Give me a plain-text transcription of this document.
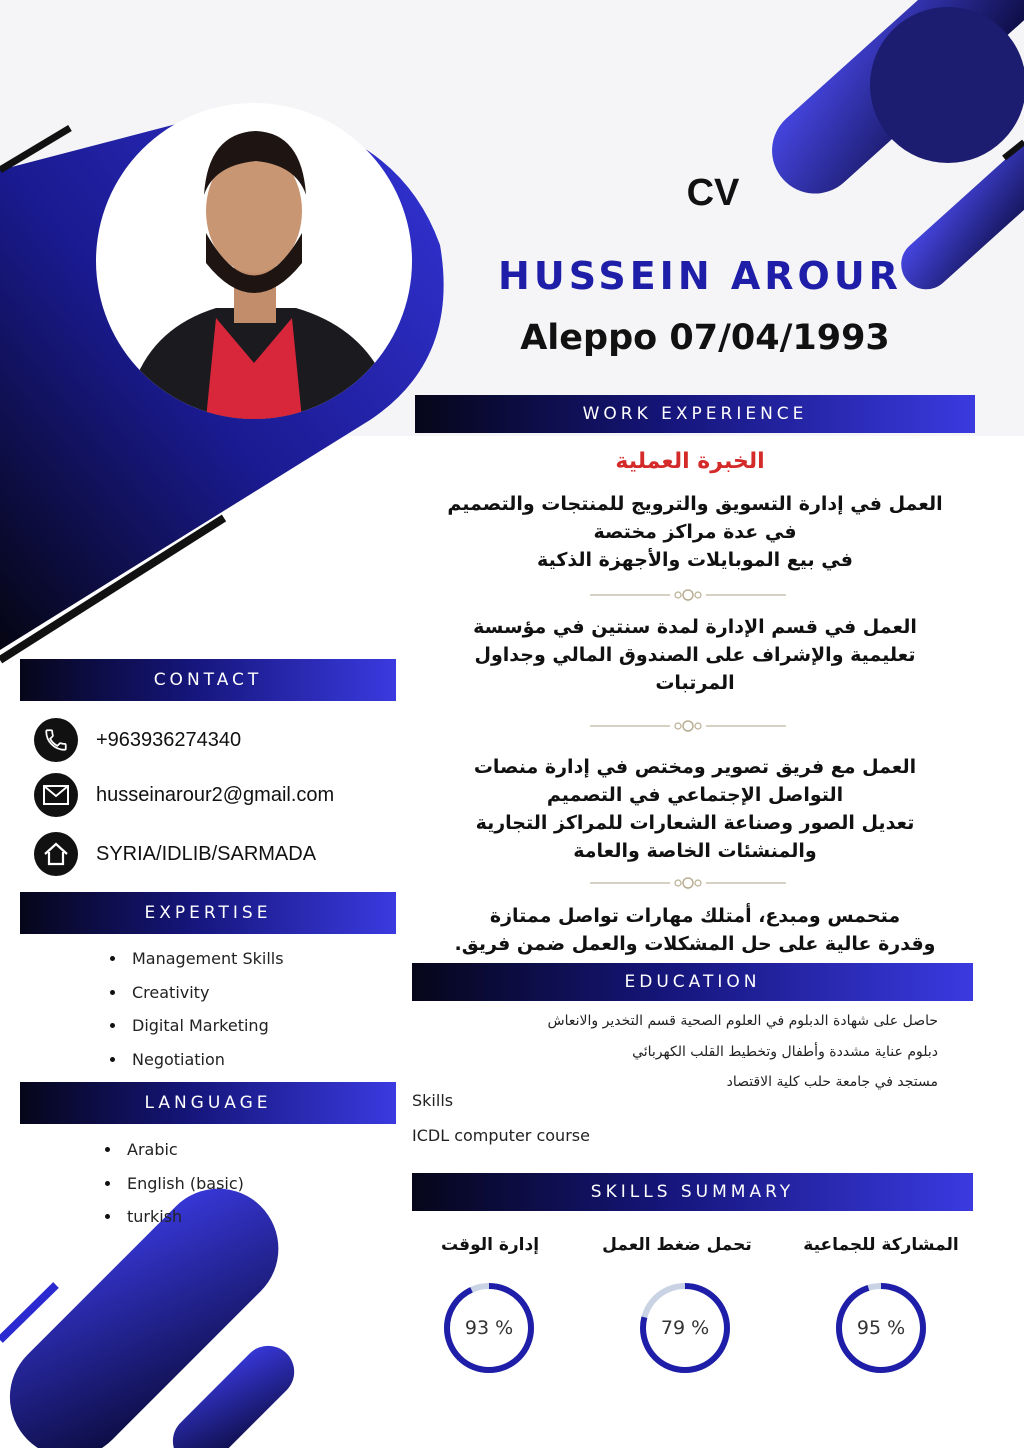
CV
HUSSEIN AROUR
Aleppo 07/04/1993
WORK EXPERIENCE
الخبرة العملية
العمل في إدارة التسويق والترويج للمنتجات والتصميم
في عدة مراكز مختصة
في بيع الموبايلات والأجهزة الذكية
العمل في قسم الإدارة لمدة سنتين في مؤسسة
تعليمية والإشراف على الصندوق المالي وجداول
المرتبات
العمل مع فريق تصوير ومختص في إدارة منصات
التواصل الإجتماعي في التصميم
تعديل الصور وصناعة الشعارات للمراكز التجارية
والمنشئات الخاصة والعامة
متحمس ومبدع، أمتلك مهارات تواصل ممتازة
وقدرة عالية على حل المشكلات والعمل ضمن فريق.
CONTACT
+963936274340
husseinarour2@gmail.com
SYRIA/IDLIB/SARMADA
EXPERTISE
Management Skills
Creativity
Digital Marketing
Negotiation
LANGUAGE
Arabic
English (basic)
turkish
EDUCATION
حاصل على شهادة الدبلوم في العلوم الصحية قسم التخدير والانعاش
دبلوم عناية مشددة وأطفال وتخطيط القلب الكهربائي
مستجد في جامعة حلب كلية الاقتصاد
Skills
ICDL computer course
SKILLS SUMMARY
إدارة الوقت	تحمل ضغط العمل	المشاركة للجماعية
93 %	79 %	95 %
